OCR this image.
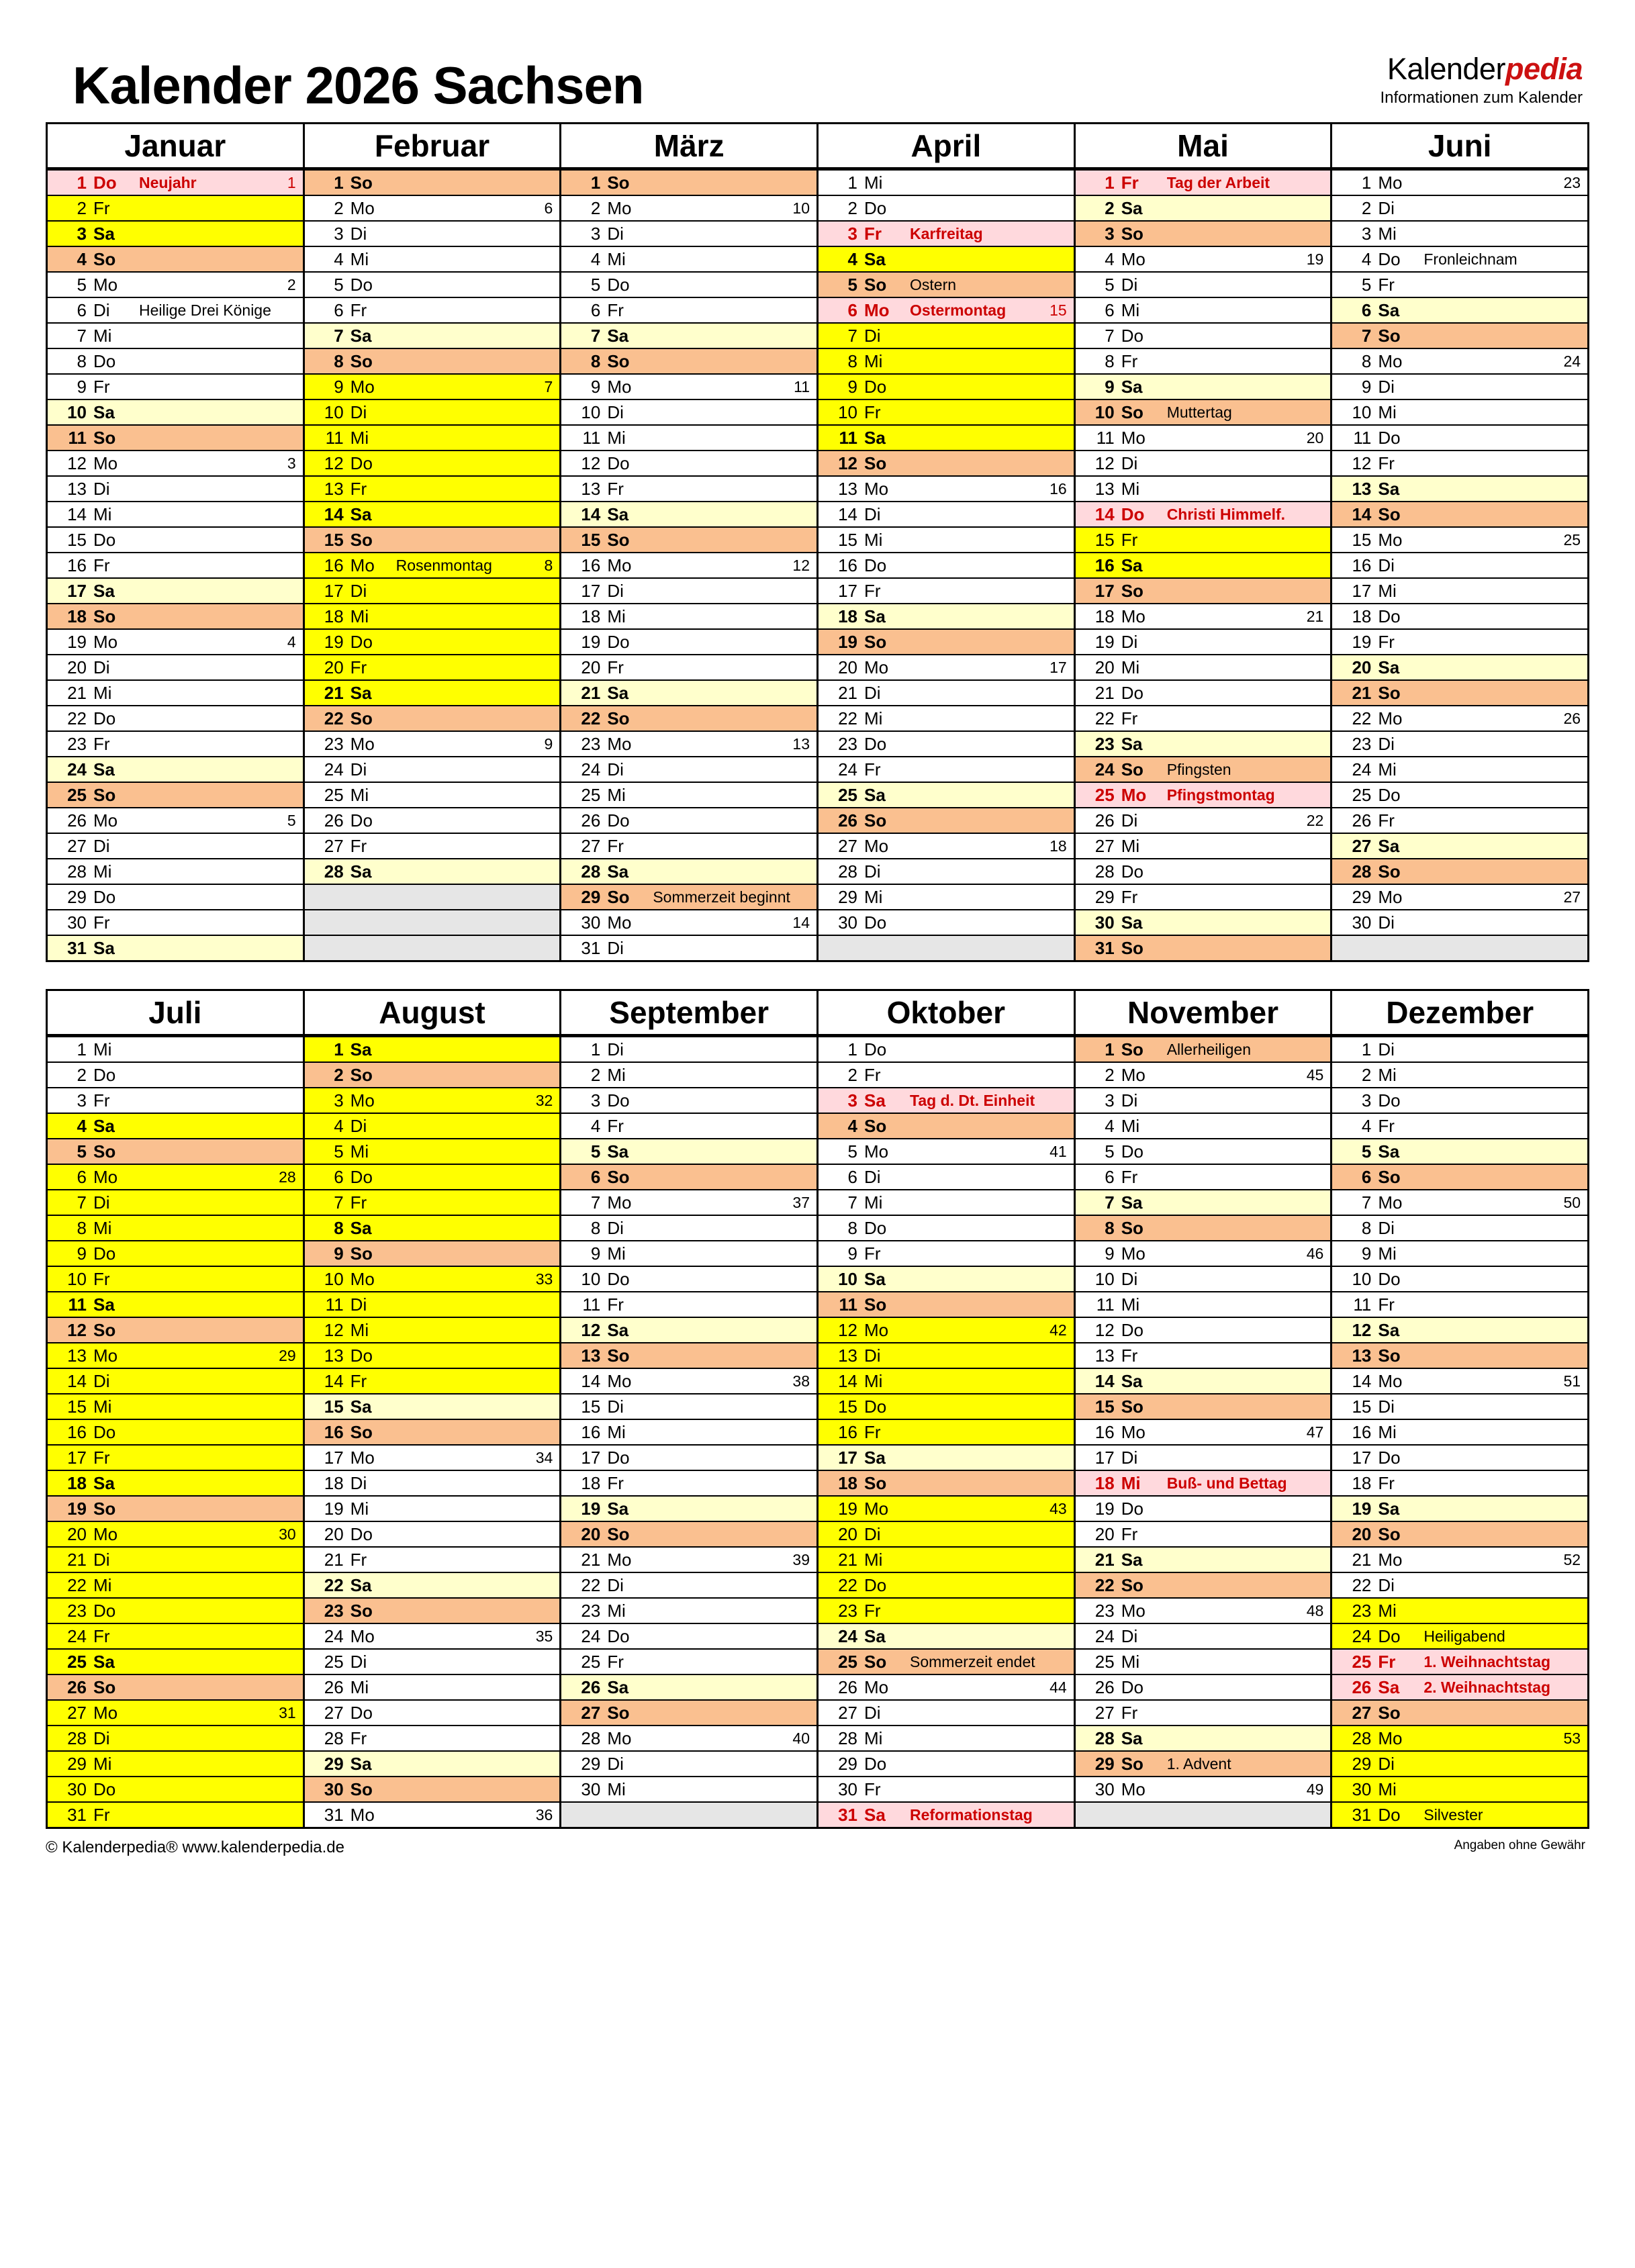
Kalender 2026 Sachsen	Kalenderpedia
Informationen zum Kalender
Januar
1 Do	Neujahr	1
2 Fr
3 Sa
4 So
5 Mo	2
6 Di	Heilige Drei Könige
7 Mi
8 Do
9 Fr
10 Sa
11 So
12 Mo	3
13 Di
14 Mi
15 Do
16 Fr
17 Sa
18 So
19 Mo	4
20 Di
21 Mi
22 Do
23 Fr
24 Sa
25 So
26 Mo	5
27 Di
28 Mi
29 Do
30 Fr
31 Sa
Februar
1 So
2 Mo	6
3 Di
4 Mi
5 Do
6 Fr
7 Sa
8 So
9 Mo	7
10 Di
11 Mi
12 Do
13 Fr
14 Sa
15 So
16 Mo	Rosenmontag	8
17 Di
18 Mi
19 Do
20 Fr
21 Sa
22 So
23 Mo	9
24 Di
25 Mi
26 Do
27 Fr
28 Sa
März
1 So
2 Mo	10
3 Di
4 Mi
5 Do
6 Fr
7 Sa
8 So
9 Mo	11
10 Di
11 Mi
12 Do
13 Fr
14 Sa
15 So
16 Mo	12
17 Di
18 Mi
19 Do
20 Fr
21 Sa
22 So
23 Mo	13
24 Di
25 Mi
26 Do
27 Fr
28 Sa
29 So	Sommerzeit beginnt
30 Mo	14
31 Di
April
1 Mi
2 Do
3 Fr	Karfreitag
4 Sa
5 So	Ostern
6 Mo	Ostermontag	15
7 Di
8 Mi
9 Do
10 Fr
11 Sa
12 So
13 Mo	16
14 Di
15 Mi
16 Do
17 Fr
18 Sa
19 So
20 Mo	17
21 Di
22 Mi
23 Do
24 Fr
25 Sa
26 So
27 Mo	18
28 Di
29 Mi
30 Do
Mai
1 Fr	Tag der Arbeit
2 Sa
3 So
4 Mo	19
5 Di
6 Mi
7 Do
8 Fr
9 Sa
10 So	Muttertag
11 Mo	20
12 Di
13 Mi
14 Do	Christi Himmelf.
15 Fr
16 Sa
17 So
18 Mo	21
19 Di
20 Mi
21 Do
22 Fr
23 Sa
24 So	Pfingsten
25 Mo	Pfingstmontag
26 Di	22
27 Mi
28 Do
29 Fr
30 Sa
31 So
Juni
1 Mo	23
2 Di
3 Mi
4 Do	Fronleichnam
5 Fr
6 Sa
7 So
8 Mo	24
9 Di
10 Mi
11 Do
12 Fr
13 Sa
14 So
15 Mo	25
16 Di
17 Mi
18 Do
19 Fr
20 Sa
21 So
22 Mo	26
23 Di
24 Mi
25 Do
26 Fr
27 Sa
28 So
29 Mo	27
30 Di
Juli
1 Mi
2 Do
3 Fr
4 Sa
5 So
6 Mo	28
7 Di
8 Mi
9 Do
10 Fr
11 Sa
12 So
13 Mo	29
14 Di
15 Mi
16 Do
17 Fr
18 Sa
19 So
20 Mo	30
21 Di
22 Mi
23 Do
24 Fr
25 Sa
26 So
27 Mo	31
28 Di
29 Mi
30 Do
31 Fr
August
1 Sa
2 So
3 Mo	32
4 Di
5 Mi
6 Do
7 Fr
8 Sa
9 So
10 Mo	33
11 Di
12 Mi
13 Do
14 Fr
15 Sa
16 So
17 Mo	34
18 Di
19 Mi
20 Do
21 Fr
22 Sa
23 So
24 Mo	35
25 Di
26 Mi
27 Do
28 Fr
29 Sa
30 So
31 Mo	36
September
1 Di
2 Mi
3 Do
4 Fr
5 Sa
6 So
7 Mo	37
8 Di
9 Mi
10 Do
11 Fr
12 Sa
13 So
14 Mo	38
15 Di
16 Mi
17 Do
18 Fr
19 Sa
20 So
21 Mo	39
22 Di
23 Mi
24 Do
25 Fr
26 Sa
27 So
28 Mo	40
29 Di
30 Mi
Oktober
1 Do
2 Fr
3 Sa	Tag d. Dt. Einheit
4 So
5 Mo	41
6 Di
7 Mi
8 Do
9 Fr
10 Sa
11 So
12 Mo	42
13 Di
14 Mi
15 Do
16 Fr
17 Sa
18 So
19 Mo	43
20 Di
21 Mi
22 Do
23 Fr
24 Sa
25 So	Sommerzeit endet
26 Mo	44
27 Di
28 Mi
29 Do
30 Fr
31 Sa	Reformationstag
November
1 So	Allerheiligen
2 Mo	45
3 Di
4 Mi
5 Do
6 Fr
7 Sa
8 So
9 Mo	46
10 Di
11 Mi
12 Do
13 Fr
14 Sa
15 So
16 Mo	47
17 Di
18 Mi	Buß- und Bettag
19 Do
20 Fr
21 Sa
22 So
23 Mo	48
24 Di
25 Mi
26 Do
27 Fr
28 Sa
29 So	1. Advent
30 Mo	49
Dezember
1 Di
2 Mi
3 Do
4 Fr
5 Sa
6 So
7 Mo	50
8 Di
9 Mi
10 Do
11 Fr
12 Sa
13 So
14 Mo	51
15 Di
16 Mi
17 Do
18 Fr
19 Sa
20 So
21 Mo	52
22 Di
23 Mi
24 Do	Heiligabend
25 Fr	1. Weihnachtstag
26 Sa	2. Weihnachtstag
27 So
28 Mo	53
29 Di
30 Mi
31 Do	Silvester
© Kalenderpedia® www.kalenderpedia.de	Angaben ohne Gewähr
